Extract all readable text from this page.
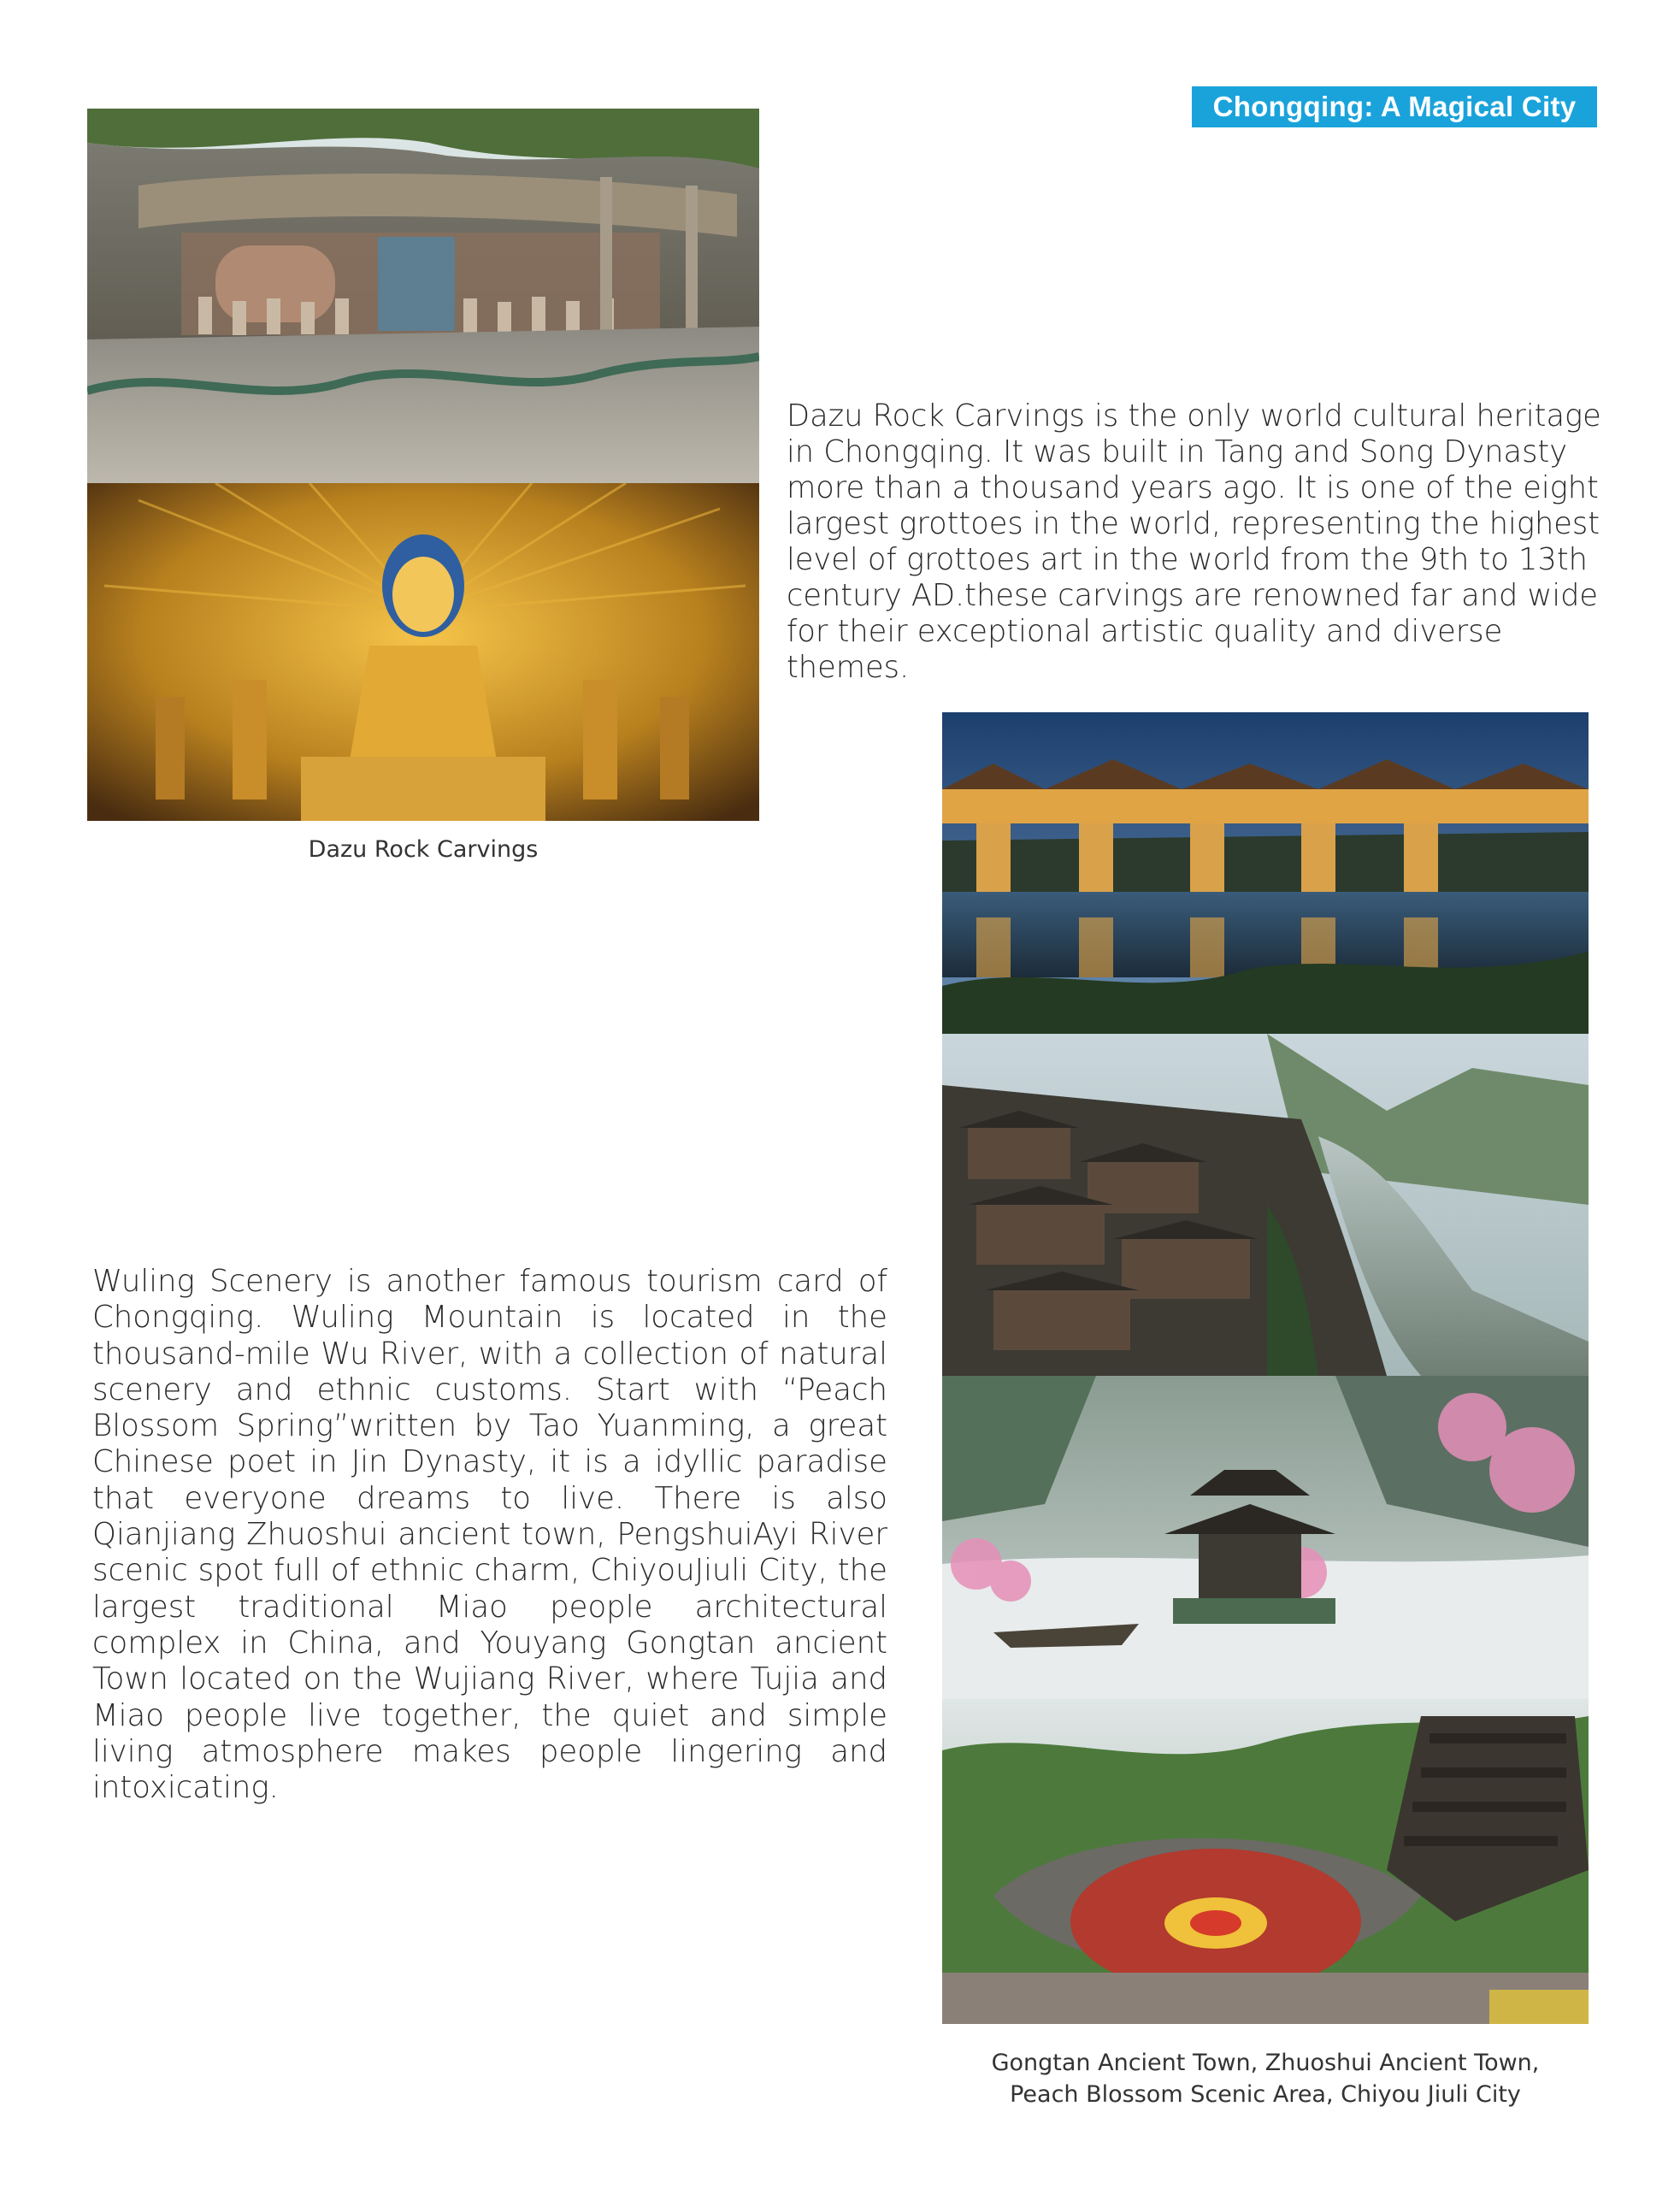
Chongqing: A Magical City
Dazu Rock Carvings
Dazu Rock Carvings is the only world cultural heritage in Chongqing. It was built in Tang and Song Dynasty more than a thousand years ago. It is one of the eight largest grottoes in the world, representing the highest level of grottoes art in the world from the 9th to 13th century AD.these carvings are renowned far and wide for their exceptional artistic quality and diverse themes.
Wuling Scenery is another famous tourism card of Chongqing. Wuling Mountain is located in the thousand-mile Wu River, with a collection of natural scenery and ethnic customs. Start with “Peach Blossom Spring”written by Tao Yuanming, a great Chinese poet in Jin Dynasty, it is a idyllic paradise that everyone dreams to live. There is also Qianjiang Zhuoshui ancient town, PengshuiAyi River scenic spot full of ethnic charm, ChiyouJiuli City, the largest traditional Miao people architectural complex in China, and Youyang Gongtan ancient Town located on the Wujiang River, where Tujia and Miao people live together, the quiet and simple living atmosphere makes people lingering and intoxicating.
Gongtan Ancient Town, Zhuoshui Ancient Town,
Peach Blossom Scenic Area, Chiyou Jiuli City
